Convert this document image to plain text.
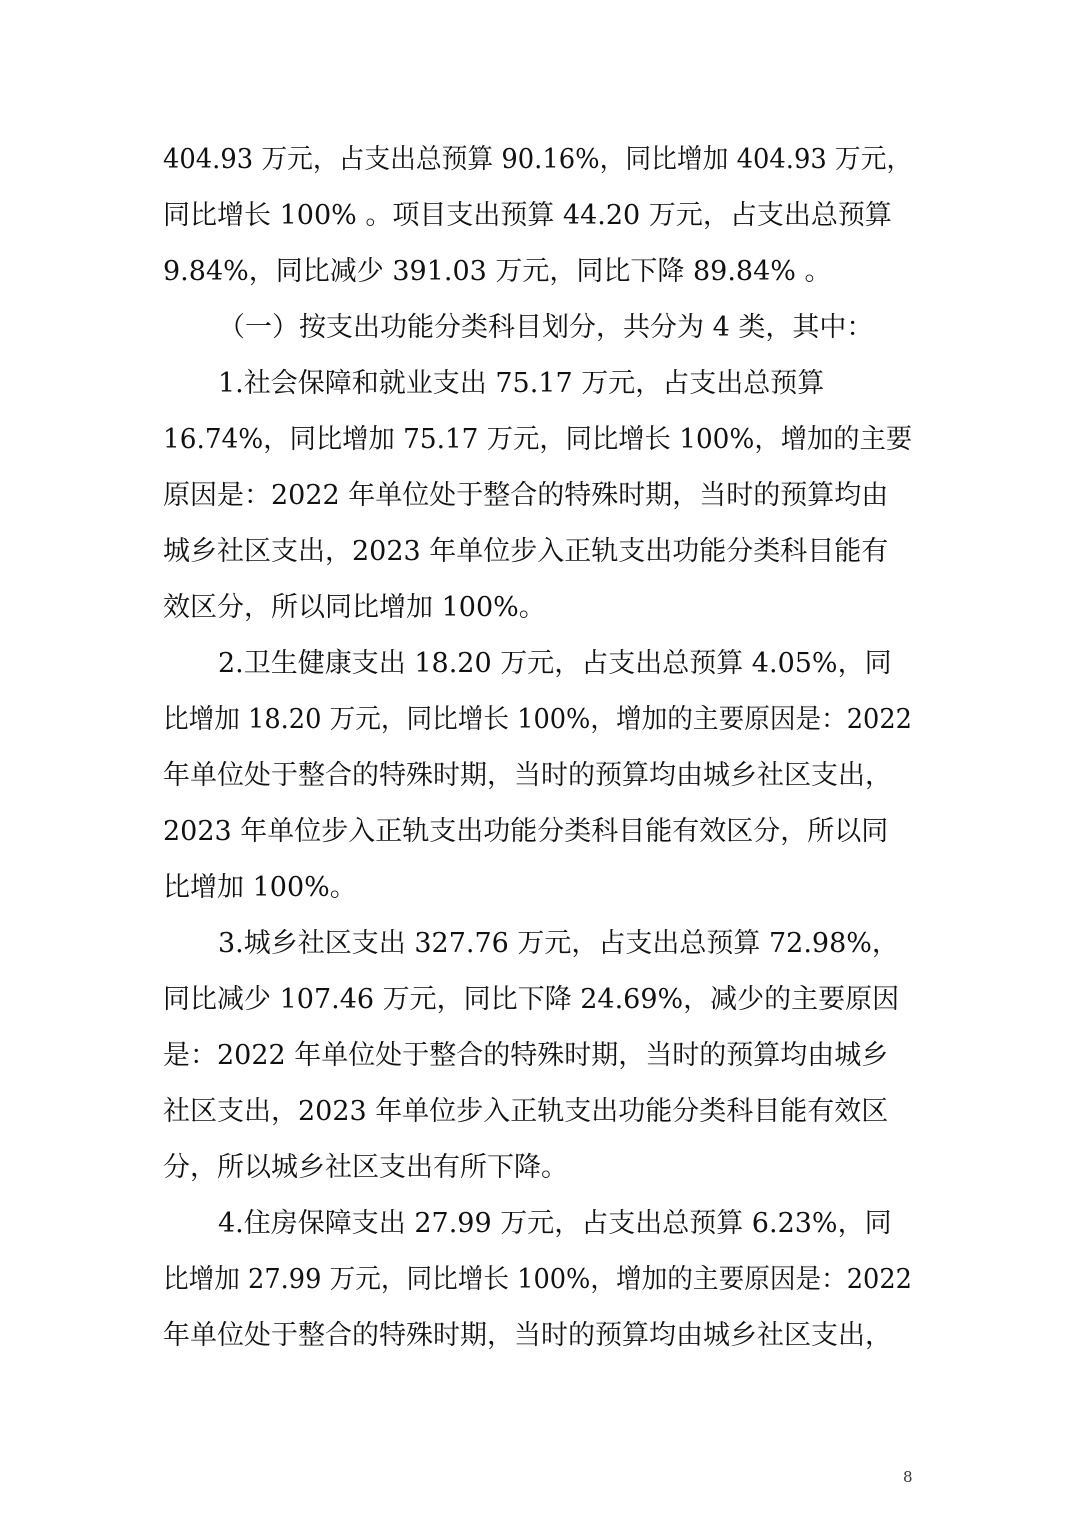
404.93 万元，占支出总预算 90.16%，同比增加 404.93 万元，
同比增长 100% 。项目支出预算 44.20 万元，占支出总预算
9.84%，同比减少 391.03 万元，同比下降 89.84% 。
（一）按支出功能分类科目划分，共分为 4 类，其中：
1.社会保障和就业支出 75.17 万元，占支出总预算
16.74%，同比增加 75.17 万元，同比增长 100%，增加的主要
原因是：2022 年单位处于整合的特殊时期，当时的预算均由
城乡社区支出，2023 年单位步入正轨支出功能分类科目能有
效区分，所以同比增加 100%。
2.卫生健康支出 18.20 万元，占支出总预算 4.05%，同
比增加 18.20 万元，同比增长 100%，增加的主要原因是：2022
年单位处于整合的特殊时期，当时的预算均由城乡社区支出，
2023 年单位步入正轨支出功能分类科目能有效区分，所以同
比增加 100%。
3.城乡社区支出 327.76 万元，占支出总预算 72.98%，
同比减少 107.46 万元，同比下降 24.69%，减少的主要原因
是：2022 年单位处于整合的特殊时期，当时的预算均由城乡
社区支出，2023 年单位步入正轨支出功能分类科目能有效区
分，所以城乡社区支出有所下降。
4.住房保障支出 27.99 万元，占支出总预算 6.23%，同
比增加 27.99 万元，同比增长 100%，增加的主要原因是：2022
年单位处于整合的特殊时期，当时的预算均由城乡社区支出，
8
